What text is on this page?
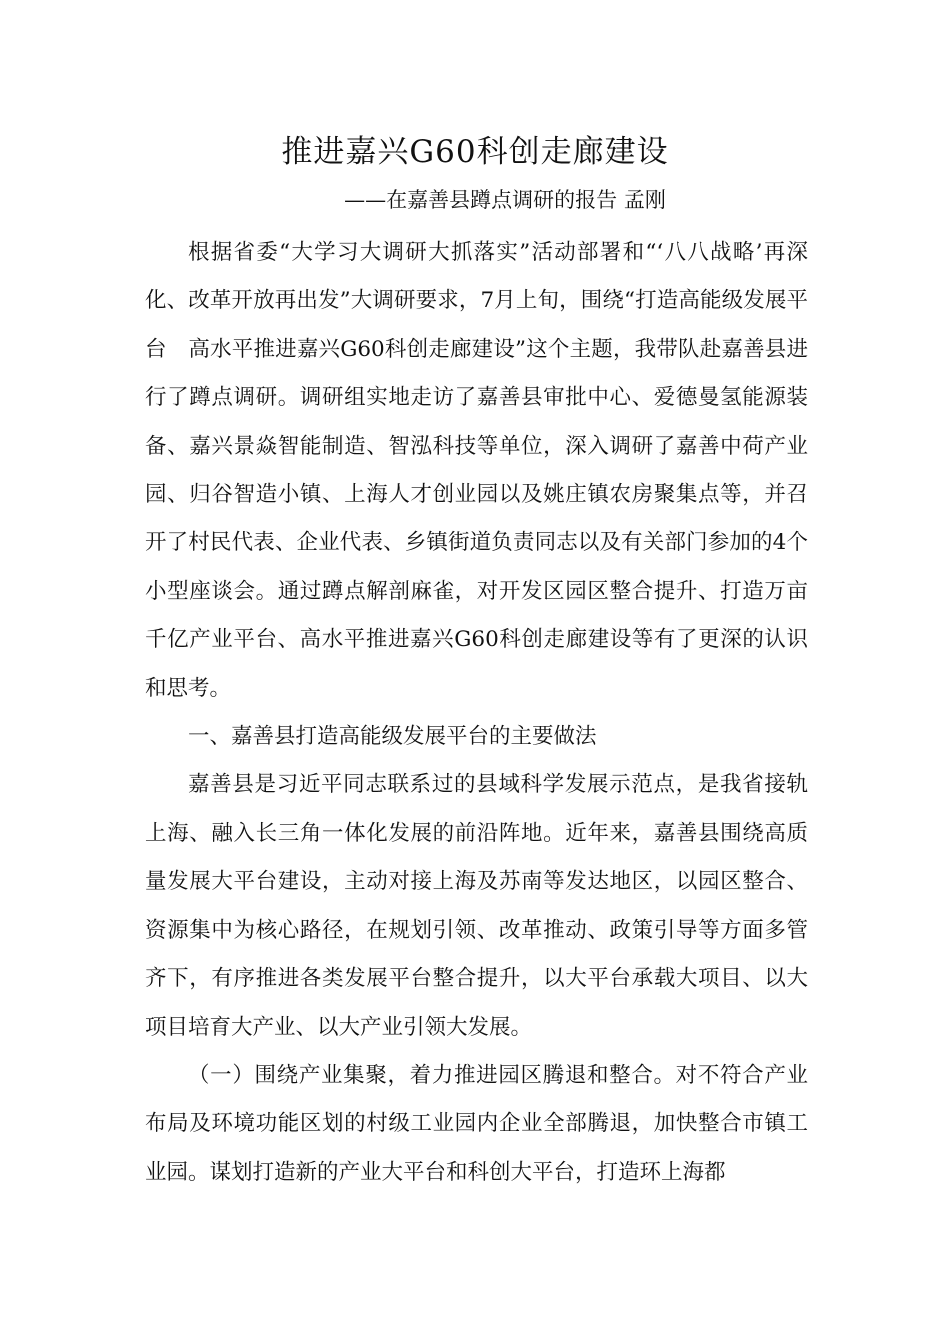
推进嘉兴G60科创走廊建设
——在嘉善县蹲点调研的报告 孟刚

根据省委“大学习大调研大抓落实”活动部署和“‘八八战略’再深化、改革开放再出发”大调研要求，7月上旬，围绕“打造高能级发展平台　高水平推进嘉兴G60科创走廊建设”这个主题，我带队赴嘉善县进行了蹲点调研。调研组实地走访了嘉善县审批中心、爱德曼氢能源装备、嘉兴景焱智能制造、智泓科技等单位，深入调研了嘉善中荷产业园、归谷智造小镇、上海人才创业园以及姚庄镇农房聚集点等，并召开了村民代表、企业代表、乡镇街道负责同志以及有关部门参加的4个小型座谈会。通过蹲点解剖麻雀，对开发区园区整合提升、打造万亩千亿产业平台、高水平推进嘉兴G60科创走廊建设等有了更深的认识和思考。

一、嘉善县打造高能级发展平台的主要做法

嘉善县是习近平同志联系过的县域科学发展示范点，是我省接轨上海、融入长三角一体化发展的前沿阵地。近年来，嘉善县围绕高质量发展大平台建设，主动对接上海及苏南等发达地区，以园区整合、资源集中为核心路径，在规划引领、改革推动、政策引导等方面多管齐下，有序推进各类发展平台整合提升，以大平台承载大项目、以大项目培育大产业、以大产业引领大发展。

（一）围绕产业集聚，着力推进园区腾退和整合。对不符合产业布局及环境功能区划的村级工业园内企业全部腾退，加快整合市镇工业园。谋划打造新的产业大平台和科创大平台，打造环上海都
